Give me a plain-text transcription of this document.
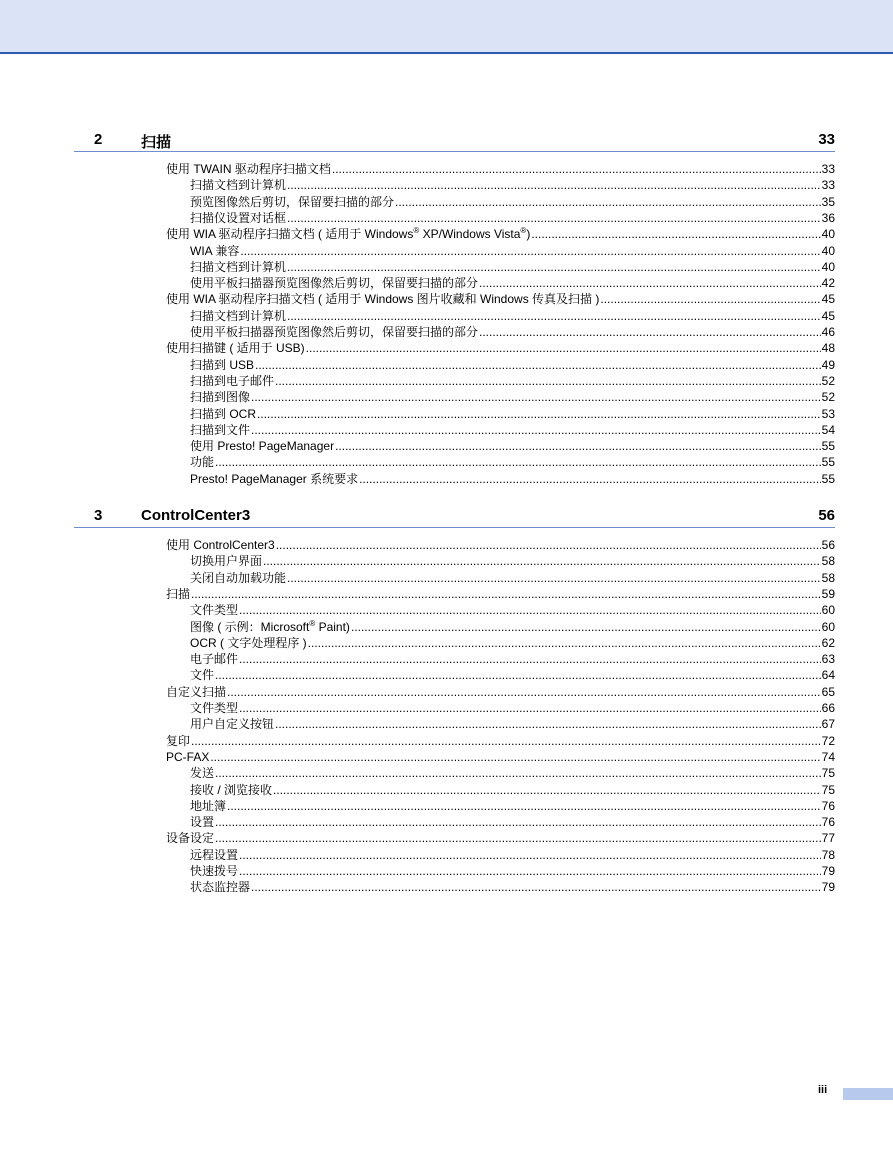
2	扫描	33
使用 TWAIN 驱动程序扫描文档 .....	33
扫描文档到计算机 .....	33
预览图像然后剪切，保留要扫描的部分 .....	35
扫描仪设置对话框 .....	36
使用 WIA 驱动程序扫描文档 ( 适用于 Windows® XP/Windows Vista®) .....	40
WIA 兼容 .....	40
扫描文档到计算机 .....	40
使用平板扫描器预览图像然后剪切，保留要扫描的部分 .....	42
使用 WIA 驱动程序扫描文档 ( 适用于 Windows 图片收藏和 Windows 传真及扫描 ) .....	45
扫描文档到计算机 .....	45
使用平板扫描器预览图像然后剪切，保留要扫描的部分 .....	46
使用扫描键 ( 适用于 USB) .....	48
扫描到 USB .....	49
扫描到电子邮件 .....	52
扫描到图像 .....	52
扫描到 OCR .....	53
扫描到文件 .....	54
使用 Presto! PageManager .....	55
功能 .....	55
Presto! PageManager 系统要求 .....	55
3	ControlCenter3	56
使用 ControlCenter3 .....	56
切换用户界面 .....	58
关闭自动加载功能 .....	58
扫描 .....	59
文件类型 .....	60
图像 ( 示例：Microsoft® Paint) .....	60
OCR ( 文字处理程序 ) .....	62
电子邮件 .....	63
文件 .....	64
自定义扫描 .....	65
文件类型 .....	66
用户自定义按钮 .....	67
复印 .....	72
PC-FAX .....	74
发送 .....	75
接收 / 浏览接收 .....	75
地址簿 .....	76
设置 .....	76
设备设定 .....	77
远程设置 .....	78
快速拨号 .....	79
状态监控器 .....	79
iii
